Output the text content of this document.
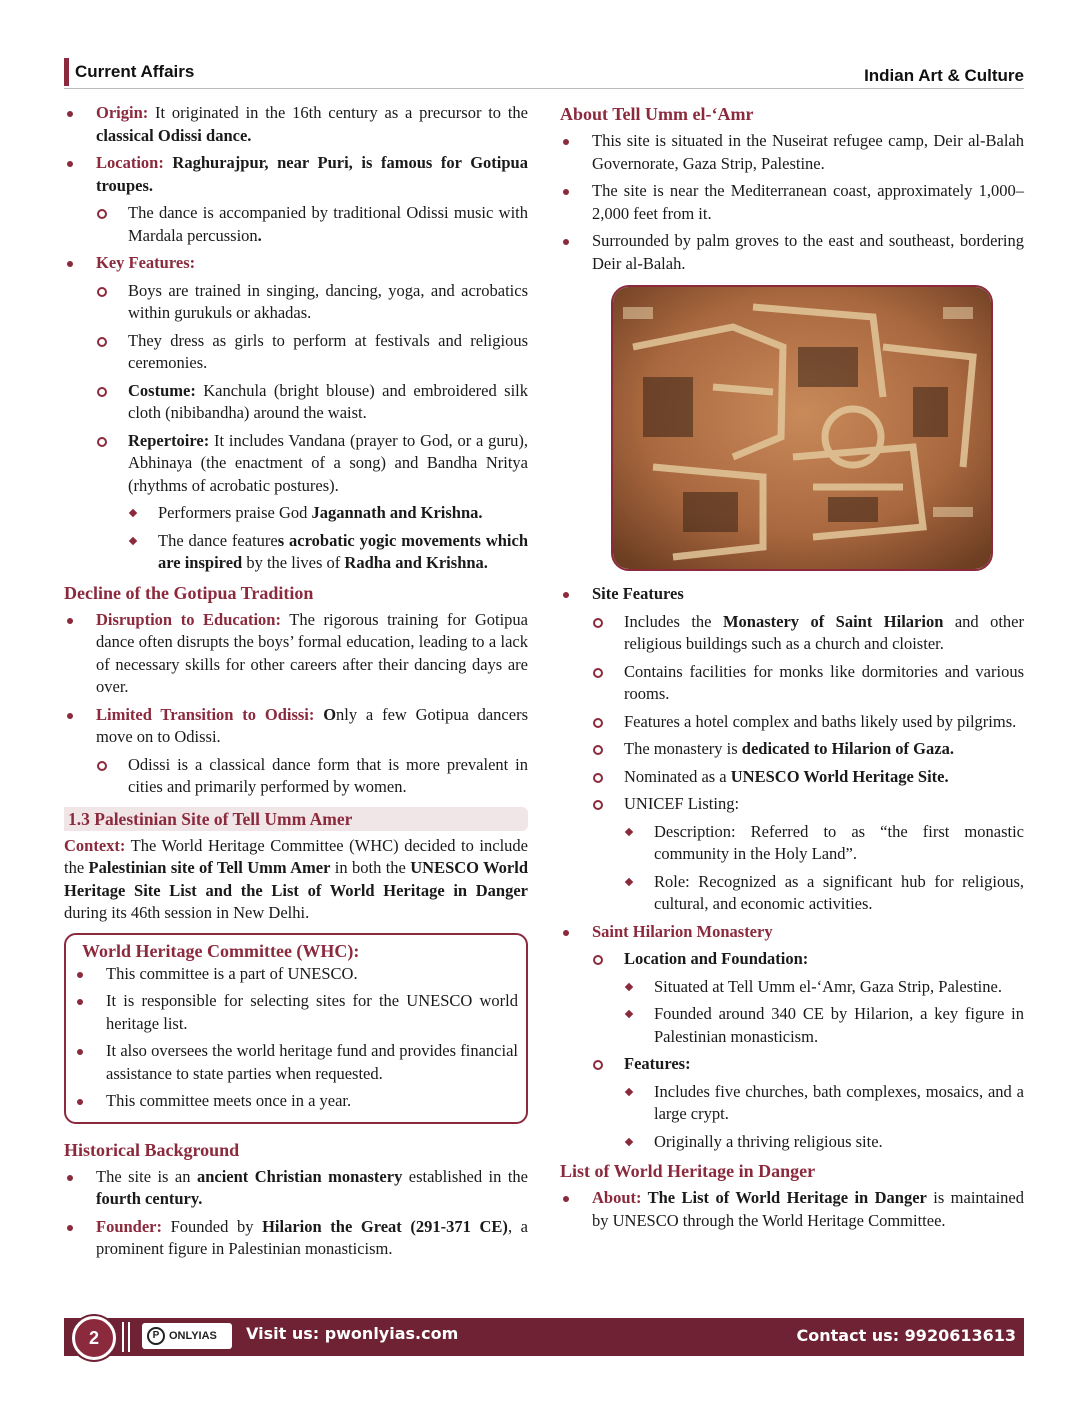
Current Affairs	Indian Art & Culture
Origin: It originated in the 16th century as a precursor to the classical Odissi dance.
Location: Raghurajpur, near Puri, is famous for Gotipua troupes.
The dance is accompanied by traditional Odissi music with Mardala percussion.
Key Features:
Boys are trained in singing, dancing, yoga, and acrobatics within gurukuls or akhadas.
They dress as girls to perform at festivals and religious ceremonies.
Costume: Kanchula (bright blouse) and embroidered silk cloth (nibibandha) around the waist.
Repertoire: It includes Vandana (prayer to God, or a guru), Abhinaya (the enactment of a song) and Bandha Nritya (rhythms of acrobatic postures).
Performers praise God Jagannath and Krishna.
The dance features acrobatic yogic movements which are inspired by the lives of Radha and Krishna.
Decline of the Gotipua Tradition
Disruption to Education: The rigorous training for Gotipua dance often disrupts the boys’ formal education, leading to a lack of necessary skills for other careers after their dancing days are over.
Limited Transition to Odissi: Only a few Gotipua dancers move on to Odissi.
Odissi is a classical dance form that is more prevalent in cities and primarily performed by women.
1.3 Palestinian Site of Tell Umm Amer

Context: The World Heritage Committee (WHC) decided to include the Palestinian site of Tell Umm Amer in both the UNESCO World Heritage Site List and the List of World Heritage in Danger during its 46th session in New Delhi.

World Heritage Committee (WHC):
This committee is a part of UNESCO.
It is responsible for selecting sites for the UNESCO world heritage list.
It also oversees the world heritage fund and provides financial assistance to state parties when requested.
This committee meets once in a year.
Historical Background
The site is an ancient Christian monastery established in the fourth century.
Founder: Founded by Hilarion the Great (291-371 CE), a prominent figure in Palestinian monasticism.
About Tell Umm el-‘Amr
This site is situated in the Nuseirat refugee camp, Deir al-Balah Governorate, Gaza Strip, Palestine.
The site is near the Mediterranean coast, approximately 1,000–2,000 feet from it.
Surrounded by palm groves to the east and southeast, bordering Deir al-Balah.
Site Features
Includes the Monastery of Saint Hilarion and other religious buildings such as a church and cloister.
Contains facilities for monks like dormitories and various rooms.
Features a hotel complex and baths likely used by pilgrims.
The monastery is dedicated to Hilarion of Gaza.
Nominated as a UNESCO World Heritage Site.
UNICEF Listing:
Description: Referred to as “the first monastic community in the Holy Land”.
Role: Recognized as a significant hub for religious, cultural, and economic activities.
Saint Hilarion Monastery
Location and Foundation:
Situated at Tell Umm el-‘Amr, Gaza Strip, Palestine.
Founded around 340 CE by Hilarion, a key figure in Palestinian monasticism.
Features:
Includes five churches, bath complexes, mosaics, and a large crypt.
Originally a thriving religious site.
List of World Heritage in Danger
About: The List of World Heritage in Danger is maintained by UNESCO through the World Heritage Committee.
2	P ONLYIAS	Visit us: pwonlyias.com	Contact us: 9920613613
